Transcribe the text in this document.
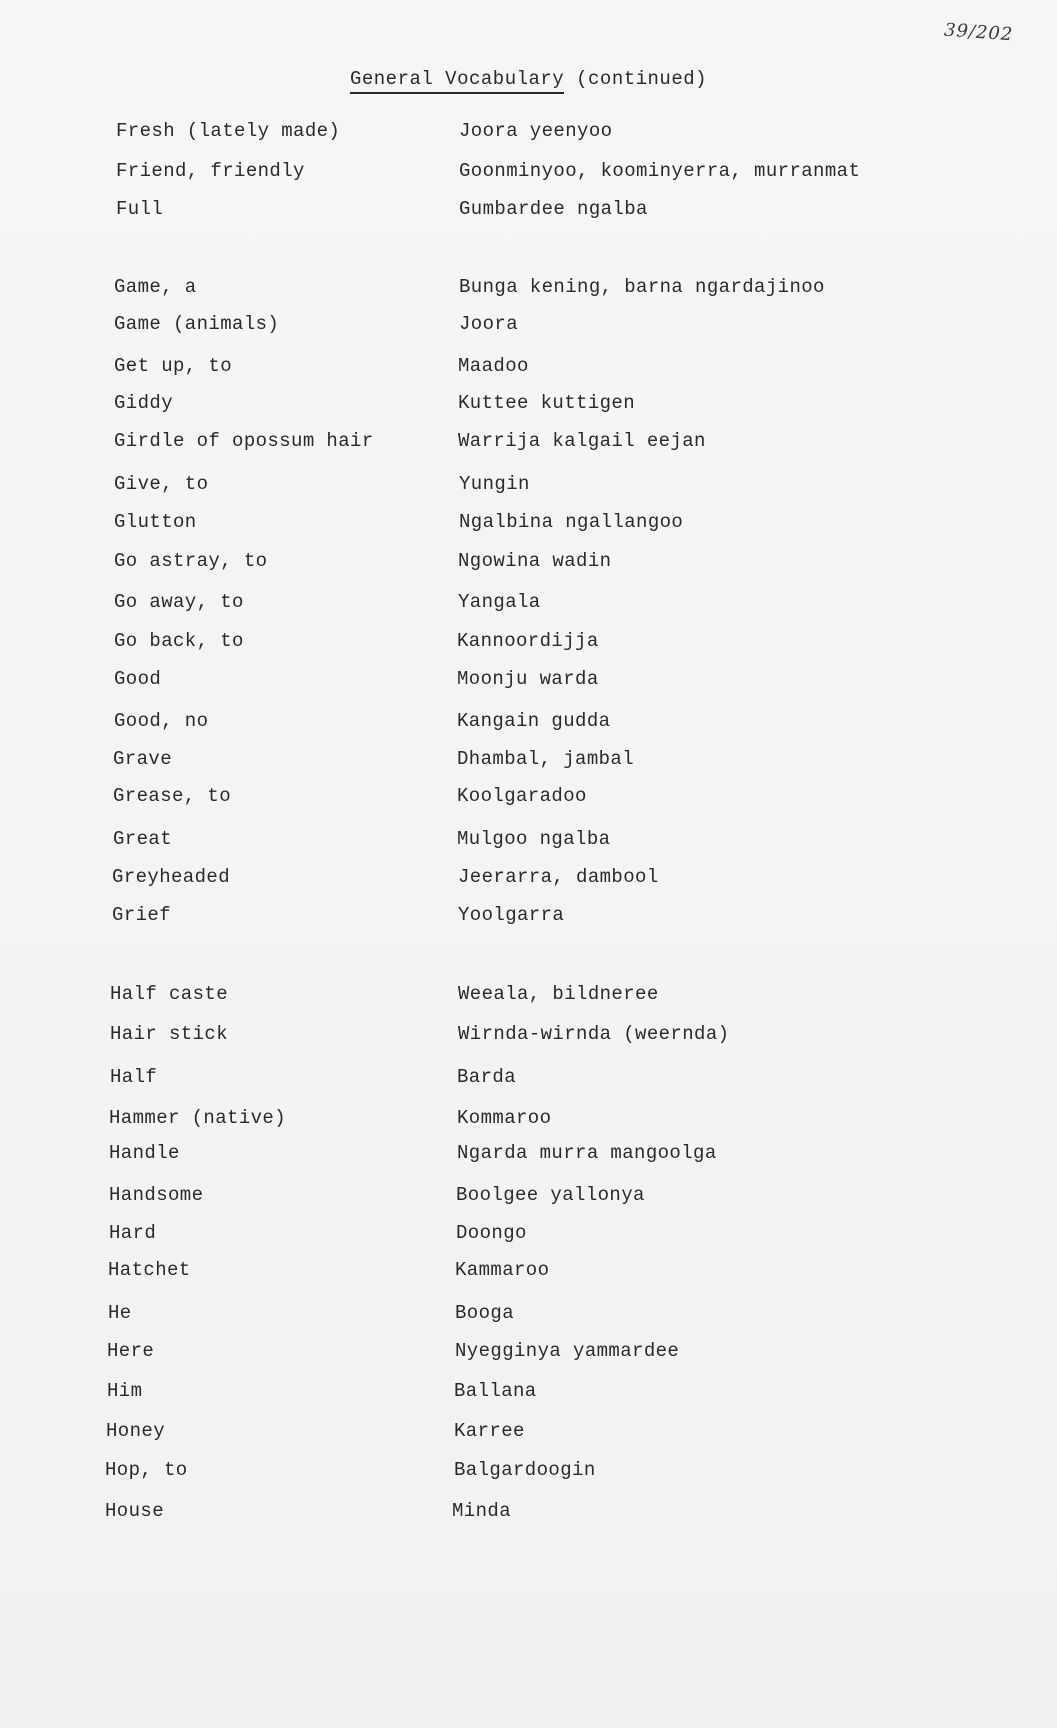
39/202
General Vocabulary (continued)
Fresh (lately made)	Joora yeenyoo
Friend, friendly	Goonminyoo, koominyerra, murranmat
Full	Gumbardee ngalba
Game, a	Bunga kening, barna ngardajinoo
Game (animals)	Joora
Get up, to	Maadoo
Giddy	Kuttee kuttigen
Girdle of opossum hair	Warrija kalgail eejan
Give, to	Yungin
Glutton	Ngalbina ngallangoo
Go astray, to	Ngowina wadin
Go away, to	Yangala
Go back, to	Kannoordijja
Good	Moonju warda
Good, no	Kangain gudda
Grave	Dhambal, jambal
Grease, to	Koolgaradoo
Great	Mulgoo ngalba
Greyheaded	Jeerarra, dambool
Grief	Yoolgarra
Half caste	Weeala, bildneree
Hair stick	Wirnda-wirnda (weernda)
Half	Barda
Hammer (native)	Kommaroo
Handle	Ngarda murra mangoolga
Handsome	Boolgee yallonya
Hard	Doongo
Hatchet	Kammaroo
He	Booga
Here	Nyegginya yammardee
Him	Ballana
Honey	Karree
Hop, to	Balgardoogin
House	Minda
